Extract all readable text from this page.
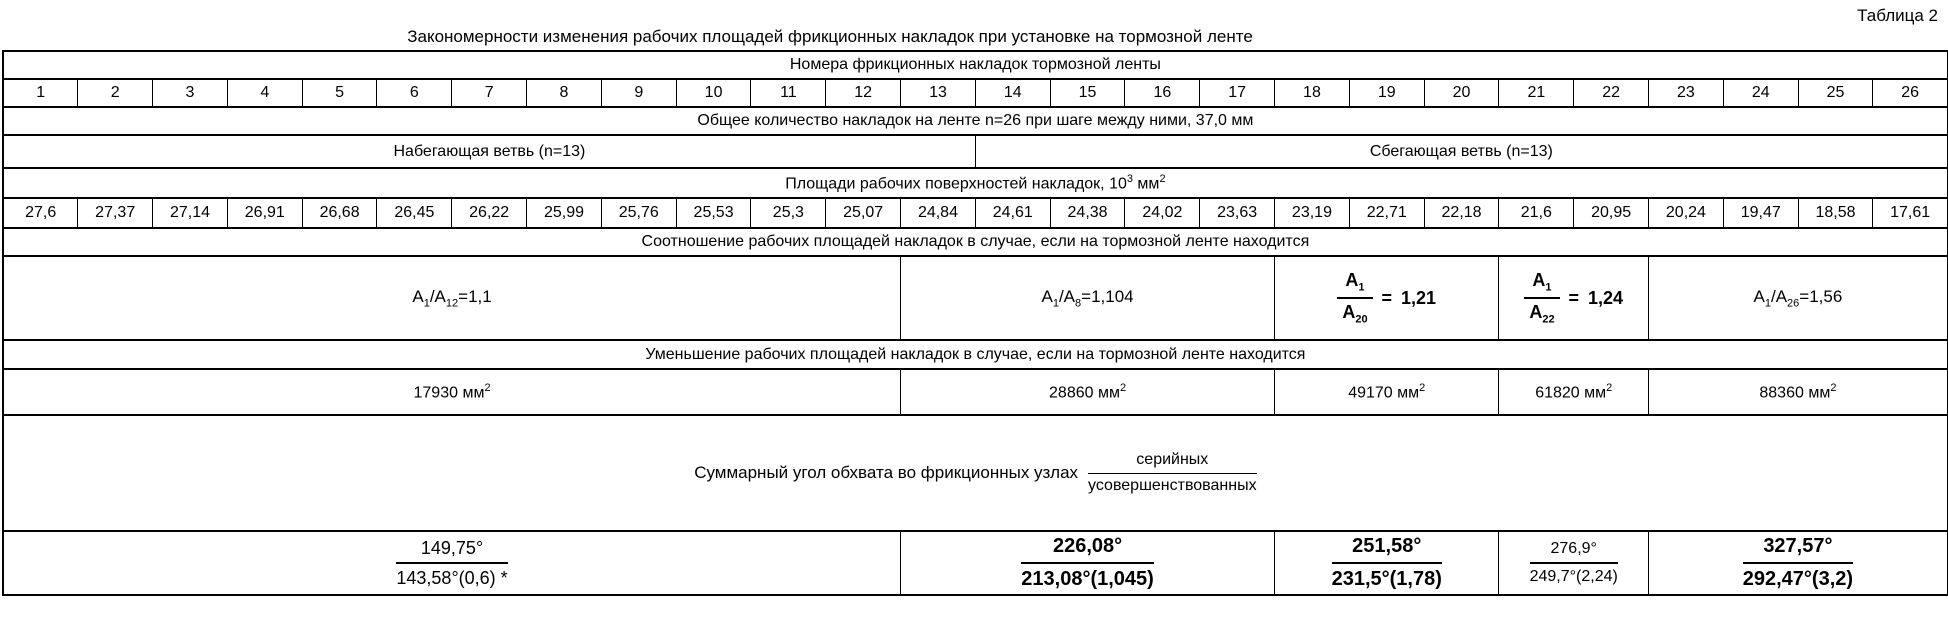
Таблица 2
Закономерности изменения рабочих площадей фрикционных накладок при установке на тормозной ленте
Номера фрикционных накладок тормозной ленты																									
1	2	3	4	5	6	7	8	9	10	11	12	13	14	15	16	17	18	19	20	21	22	23	24	25	26
Общее количество накладок на ленте n=26 при шаге между ними, 37,0 мм																									
Набегающая ветвь (n=13)													Сбегающая ветвь (n=13)												
Площади рабочих поверхностей накладок, $10^3$ $мм^2$
27,6	27,37	27,14	26,91	26,68	26,45	26,22	25,99	25,76	25,53	25,3	25,07	24,84	24,61	24,38	24,02	23,63	23,19	22,71	22,18	21,6	20,95	20,24	19,47	18,58	17,61
Соотношение рабочих площадей накладок в случае, если на тормозной ленте находится																									
$A_1/A_{12}=1,1$												$A_1/A_8=1,104$					$\frac{A_1}{A_{20}} = 1,21$			$\frac{A_1}{A_{22}} = 1,24$		$A_1/A_{26}=1,56$			
Уменьшение рабочих площадей накладок в случае, если на тормозной ленте находится																									
17930 $мм^2$												28860 $мм^2$					49170 $мм^2$			61820 $мм^2$		88360 $мм^2$

Суммарный угол обхвата во фрикционных узлах
серийных
усовершенствованных																									

$\frac{149,75^\circ}{143,58^\circ(0,6) *}$												$\frac{226,08^\circ}{213,08^\circ(1,045)}$					$\frac{251,58^\circ}{231,5^\circ(1,78)}$			$\frac{276,9^\circ}{249,7^\circ(2,24)}$		$\frac{327,57^\circ}{292,47^\circ(3,2)}$
